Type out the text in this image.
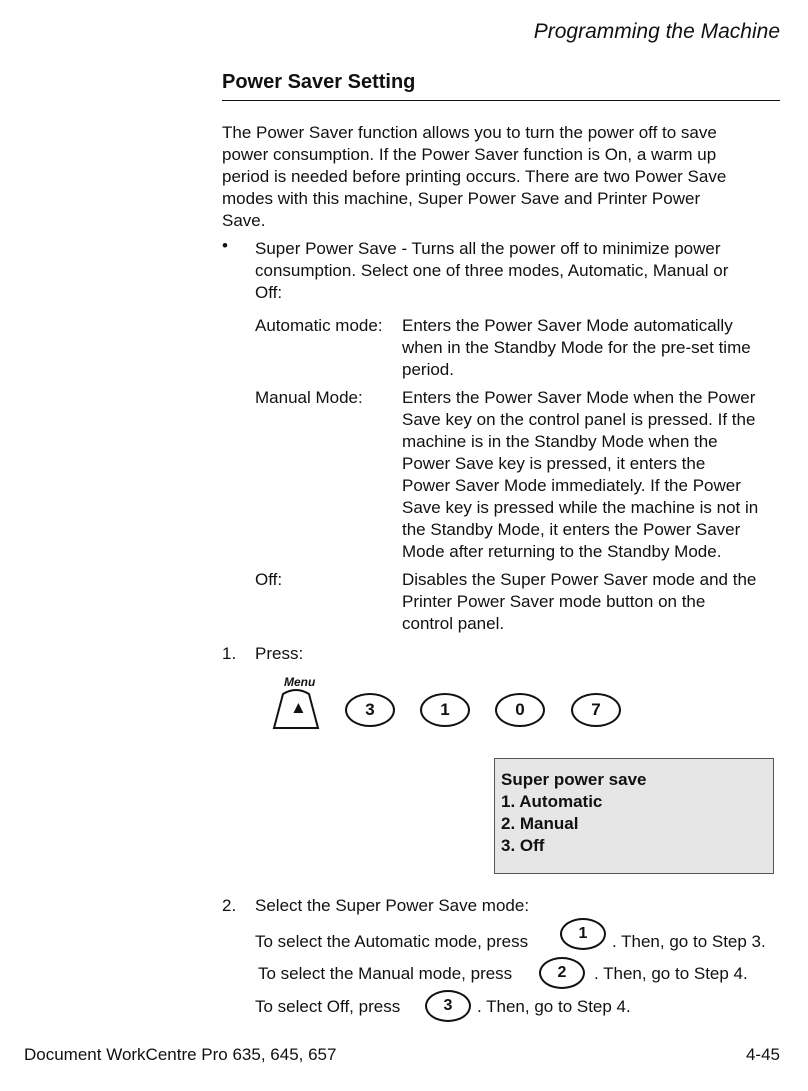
Programming the Machine
Power Saver Setting
The Power Saver function allows you to turn the power off to save
power consumption. If the Power Saver function is On, a warm up
period is needed before printing occurs. There are two Power Save
modes with this machine, Super Power Save and Printer Power
Save.
• Super Power Save - Turns all the power off to minimize power
consumption. Select one of three modes, Automatic, Manual or
Off:
Automatic mode: Enters the Power Saver Mode automatically
when in the Standby Mode for the pre-set time
period.
Manual Mode: Enters the Power Saver Mode when the Power
Save key on the control panel is pressed. If the
machine is in the Standby Mode when the
Power Save key is pressed, it enters the
Power Saver Mode immediately. If the Power
Save key is pressed while the machine is not in
the Standby Mode, it enters the Power Saver
Mode after returning to the Standby Mode.
Off:	Disables the Super Power Saver mode and the
Printer Power Saver mode button on the
control panel.
1. Press:
Menu
▲	3	1	0	7
Super power save
1. Automatic
2. Manual
3. Off
2. Select the Super Power Save mode:
To select the Automatic mode, press	1	. Then, go to Step 3.
To select the Manual mode, press	2	. Then, go to Step 4.
To select Off, press	3	. Then, go to Step 4.
Document WorkCentre Pro 635, 645, 657	4-45
